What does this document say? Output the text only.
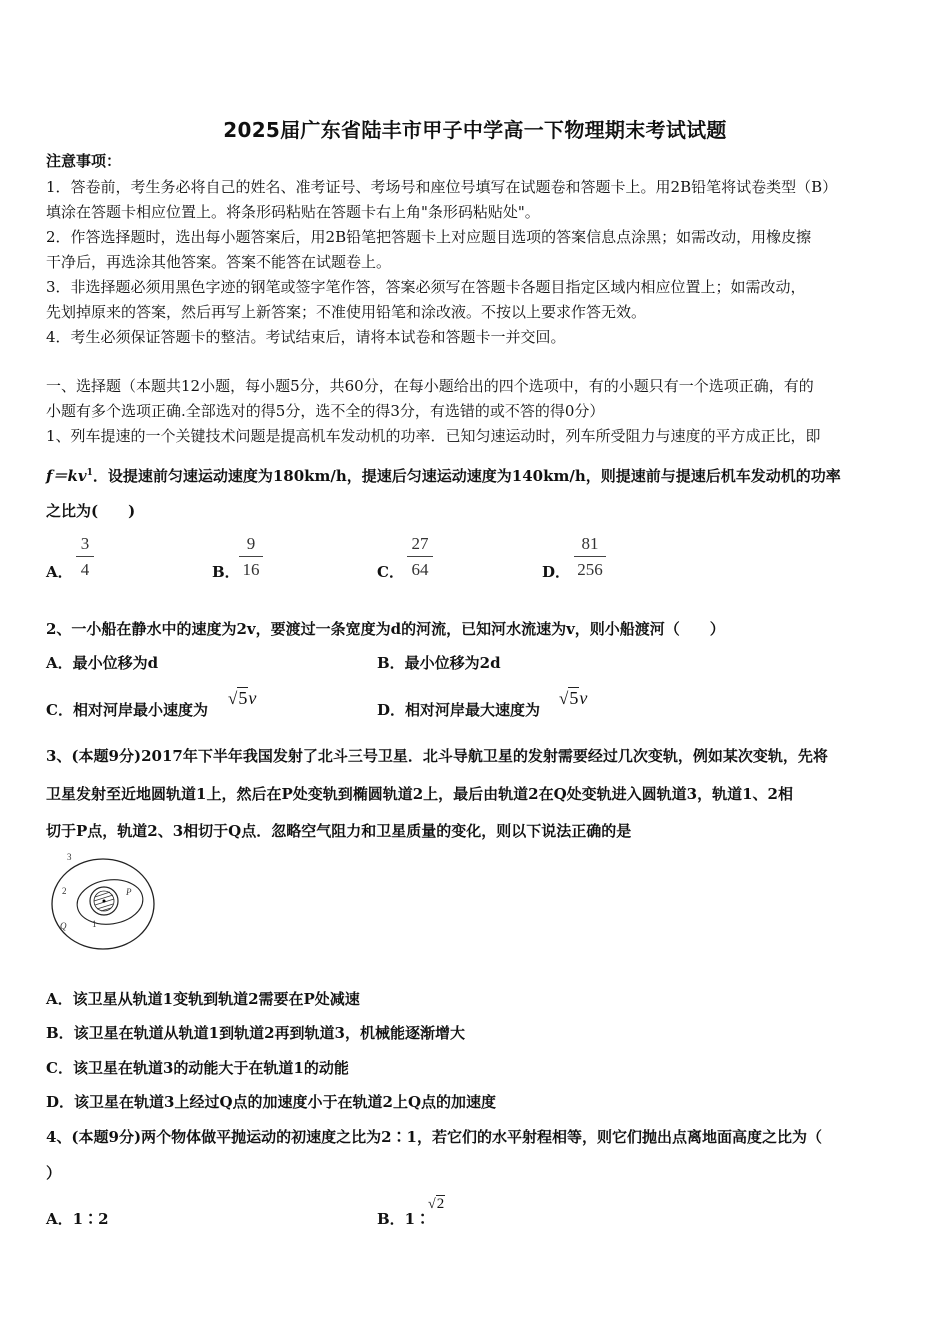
2025届广东省陆丰市甲子中学高一下物理期末考试试题
注意事项：
1．答卷前，考生务必将自己的姓名、准考证号、考场号和座位号填写在试题卷和答题卡上。用2B铅笔将试卷类型（B）
填涂在答题卡相应位置上。将条形码粘贴在答题卡右上角"条形码粘贴处"。
2．作答选择题时，选出每小题答案后，用2B铅笔把答题卡上对应题目选项的答案信息点涂黑；如需改动，用橡皮擦
干净后，再选涂其他答案。答案不能答在试题卷上。
3．非选择题必须用黑色字迹的钢笔或签字笔作答，答案必须写在答题卡各题目指定区域内相应位置上；如需改动，
先划掉原来的答案，然后再写上新答案；不准使用铅笔和涂改液。不按以上要求作答无效。
4．考生必须保证答题卡的整洁。考试结束后，请将本试卷和答题卡一并交回。
一、选择题（本题共12小题，每小题5分，共60分，在每小题给出的四个选项中，有的小题只有一个选项正确，有的
小题有多个选项正确.全部选对的得5分，选不全的得3分，有选错的或不答的得0分）
1、列车提速的一个关键技术问题是提高机车发动机的功率．已知匀速运动时，列车所受阻力与速度的平方成正比，即
$f=kv^1$．设提速前匀速运动速度为180km/h，提速后匀速运动速度为140km/h，则提速前与提速后机车发动机的功率
之比为(　　)
A．
3
4	B．
9
16	C．
27
64	D．
81
256
2、一小船在静水中的速度为2v，要渡过一条宽度为d的河流，已知河水流速为v，则小船渡河（　　）
A．最小位移为d	B．最小位移为2d
C．相对河岸最小速度为
√5v
D．相对河岸最大速度为
√5v
3、(本题9分)2017年下半年我国发射了北斗三号卫星．北斗导航卫星的发射需要经过几次变轨，例如某次变轨，先将
卫星发射至近地圆轨道1上，然后在P处变轨到椭圆轨道2上，最后由轨道2在Q处变轨进入圆轨道3，轨道1、2相
切于P点，轨道2、3相切于Q点．忽略空气阻力和卫星质量的变化，则以下说法正确的是
3
2
1
P
Q
A．该卫星从轨道1变轨到轨道2需要在P处减速
B．该卫星在轨道从轨道1到轨道2再到轨道3，机械能逐渐增大
C．该卫星在轨道3的动能大于在轨道1的动能
D．该卫星在轨道3上经过Q点的加速度小于在轨道2上Q点的加速度
4、(本题9分)两个物体做平抛运动的初速度之比为2∶1，若它们的水平射程相等，则它们抛出点离地面高度之比为（
）
A．1∶2	B．1∶
√2
